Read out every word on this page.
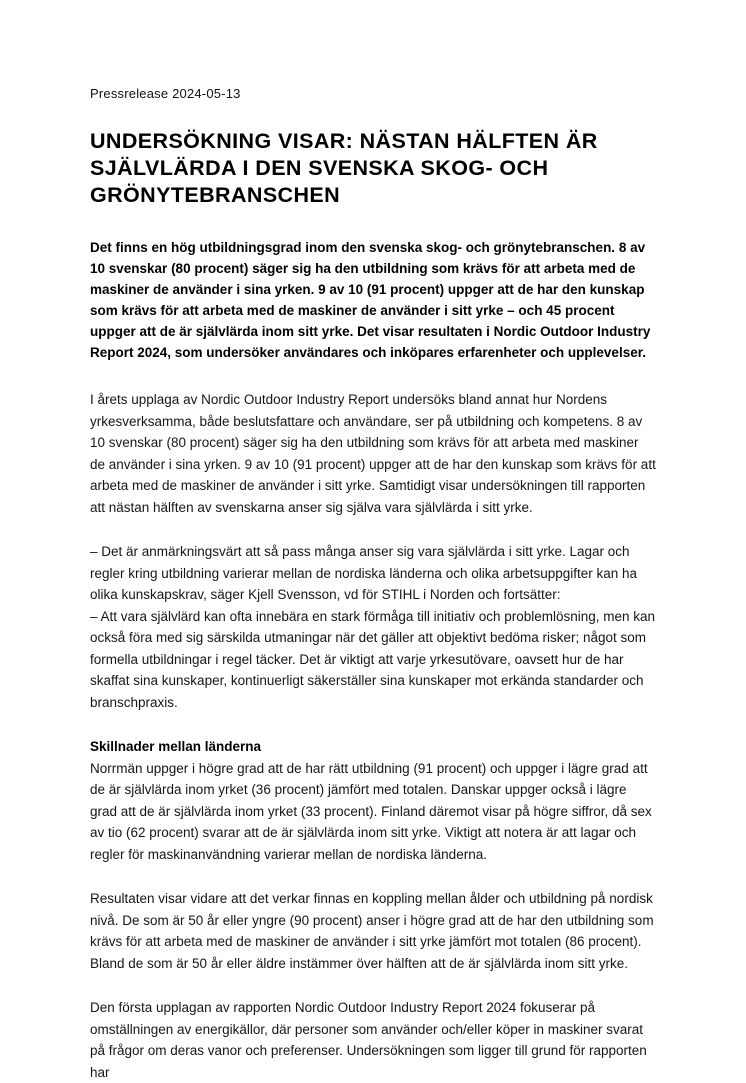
Pressrelease 2024-05-13

UNDERSÖKNING VISAR: NÄSTAN HÄLFTEN ÄR SJÄLVLÄRDA I DEN SVENSKA SKOG- OCH GRÖNYTEBRANSCHEN

Det finns en hög utbildningsgrad inom den svenska skog- och grönytebranschen. 8 av 10 svenskar (80 procent) säger sig ha den utbildning som krävs för att arbeta med de maskiner de använder i sina yrken. 9 av 10 (91 procent) uppger att de har den kunskap som krävs för att arbeta med de maskiner de använder i sitt yrke – och 45 procent uppger att de är självlärda inom sitt yrke. Det visar resultaten i Nordic Outdoor Industry Report 2024, som undersöker användares och inköpares erfarenheter och upplevelser.

I årets upplaga av Nordic Outdoor Industry Report undersöks bland annat hur Nordens yrkesverksamma, både beslutsfattare och användare, ser på utbildning och kompetens. 8 av 10 svenskar (80 procent) säger sig ha den utbildning som krävs för att arbeta med maskiner de använder i sina yrken. 9 av 10 (91 procent) uppger att de har den kunskap som krävs för att arbeta med de maskiner de använder i sitt yrke. Samtidigt visar undersökningen till rapporten att nästan hälften av svenskarna anser sig själva vara självlärda i sitt yrke.

– Det är anmärkningsvärt att så pass många anser sig vara självlärda i sitt yrke. Lagar och regler kring utbildning varierar mellan de nordiska länderna och olika arbetsuppgifter kan ha olika kunskapskrav, säger Kjell Svensson, vd för STIHL i Norden och fortsätter:

– Att vara självlärd kan ofta innebära en stark förmåga till initiativ och problemlösning, men kan också föra med sig särskilda utmaningar när det gäller att objektivt bedöma risker; något som formella utbildningar i regel täcker. Det är viktigt att varje yrkesutövare, oavsett hur de har skaffat sina kunskaper, kontinuerligt säkerställer sina kunskaper mot erkända standarder och branschpraxis.

Skillnader mellan länderna

Norrmän uppger i högre grad att de har rätt utbildning (91 procent) och uppger i lägre grad att de är självlärda inom yrket (36 procent) jämfört med totalen. Danskar uppger också i lägre grad att de är självlärda inom yrket (33 procent). Finland däremot visar på högre siffror, då sex av tio (62 procent) svarar att de är självlärda inom sitt yrke. Viktigt att notera är att lagar och regler för maskinanvändning varierar mellan de nordiska länderna.

Resultaten visar vidare att det verkar finnas en koppling mellan ålder och utbildning på nordisk nivå. De som är 50 år eller yngre (90 procent) anser i högre grad att de har den utbildning som krävs för att arbeta med de maskiner de använder i sitt yrke jämfört mot totalen (86 procent). Bland de som är 50 år eller äldre instämmer över hälften att de är självlärda inom sitt yrke.

Den första upplagan av rapporten Nordic Outdoor Industry Report 2024 fokuserar på omställningen av energikällor, där personer som använder och/eller köper in maskiner svarat på frågor om deras vanor och preferenser. Undersökningen som ligger till grund för rapporten har
